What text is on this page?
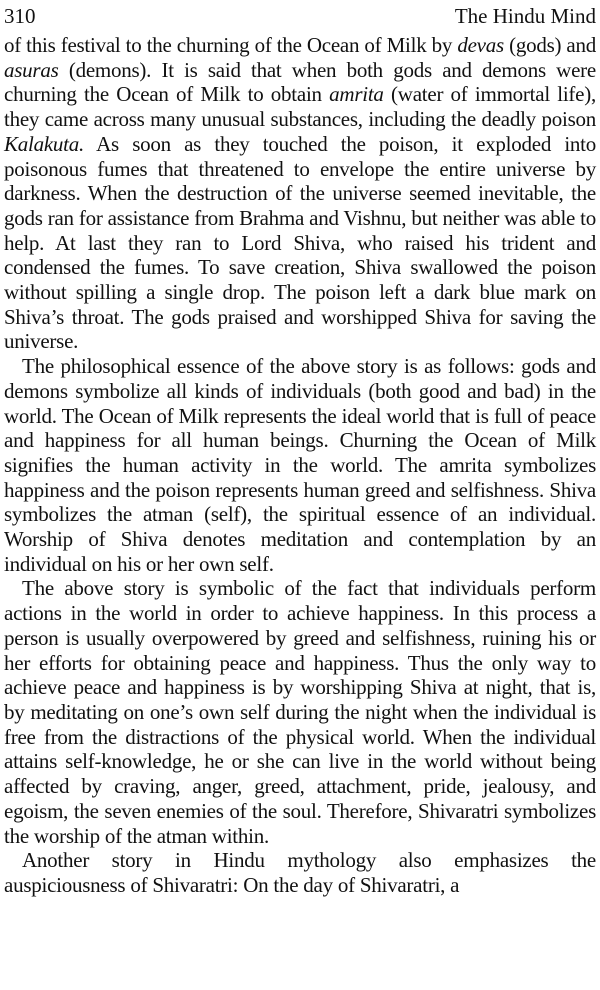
310	The Hindu Mind

of this festival to the churning of the Ocean of Milk by devas (gods) and asuras (demons). It is said that when both gods and demons were churning the Ocean of Milk to obtain amrita (water of immortal life), they came across many unusual substances, including the deadly poison Kalakuta. As soon as they touched the poison, it exploded into poisonous fumes that threatened to envelope the entire universe by darkness. When the destruction of the universe seemed inevitable, the gods ran for assistance from Brahma and Vishnu, but neither was able to help. At last they ran to Lord Shiva, who raised his trident and condensed the fumes. To save creation, Shiva swallowed the poison without spilling a single drop. The poison left a dark blue mark on Shiva’s throat. The gods praised and worshipped Shiva for saving the universe.

The philosophical essence of the above story is as follows: gods and demons symbolize all kinds of individuals (both good and bad) in the world. The Ocean of Milk represents the ideal world that is full of peace and happiness for all human beings. Churning the Ocean of Milk signifies the human activity in the world. The amrita symbolizes happiness and the poison represents human greed and selfishness. Shiva symbolizes the atman (self), the spiritual essence of an individual. Worship of Shiva denotes meditation and contemplation by an individual on his or her own self.

The above story is symbolic of the fact that individuals perform actions in the world in order to achieve happiness. In this process a person is usually overpowered by greed and selfishness, ruining his or her efforts for obtaining peace and happiness. Thus the only way to achieve peace and happiness is by worshipping Shiva at night, that is, by meditating on one’s own self during the night when the individual is free from the distractions of the physical world. When the individual attains self-knowledge, he or she can live in the world without being affected by craving, anger, greed, attachment, pride, jealousy, and egoism, the seven enemies of the soul. Therefore, Shivaratri symbolizes the worship of the atman within.

Another story in Hindu mythology also emphasizes the auspiciousness of Shivaratri: On the day of Shivaratri, a
